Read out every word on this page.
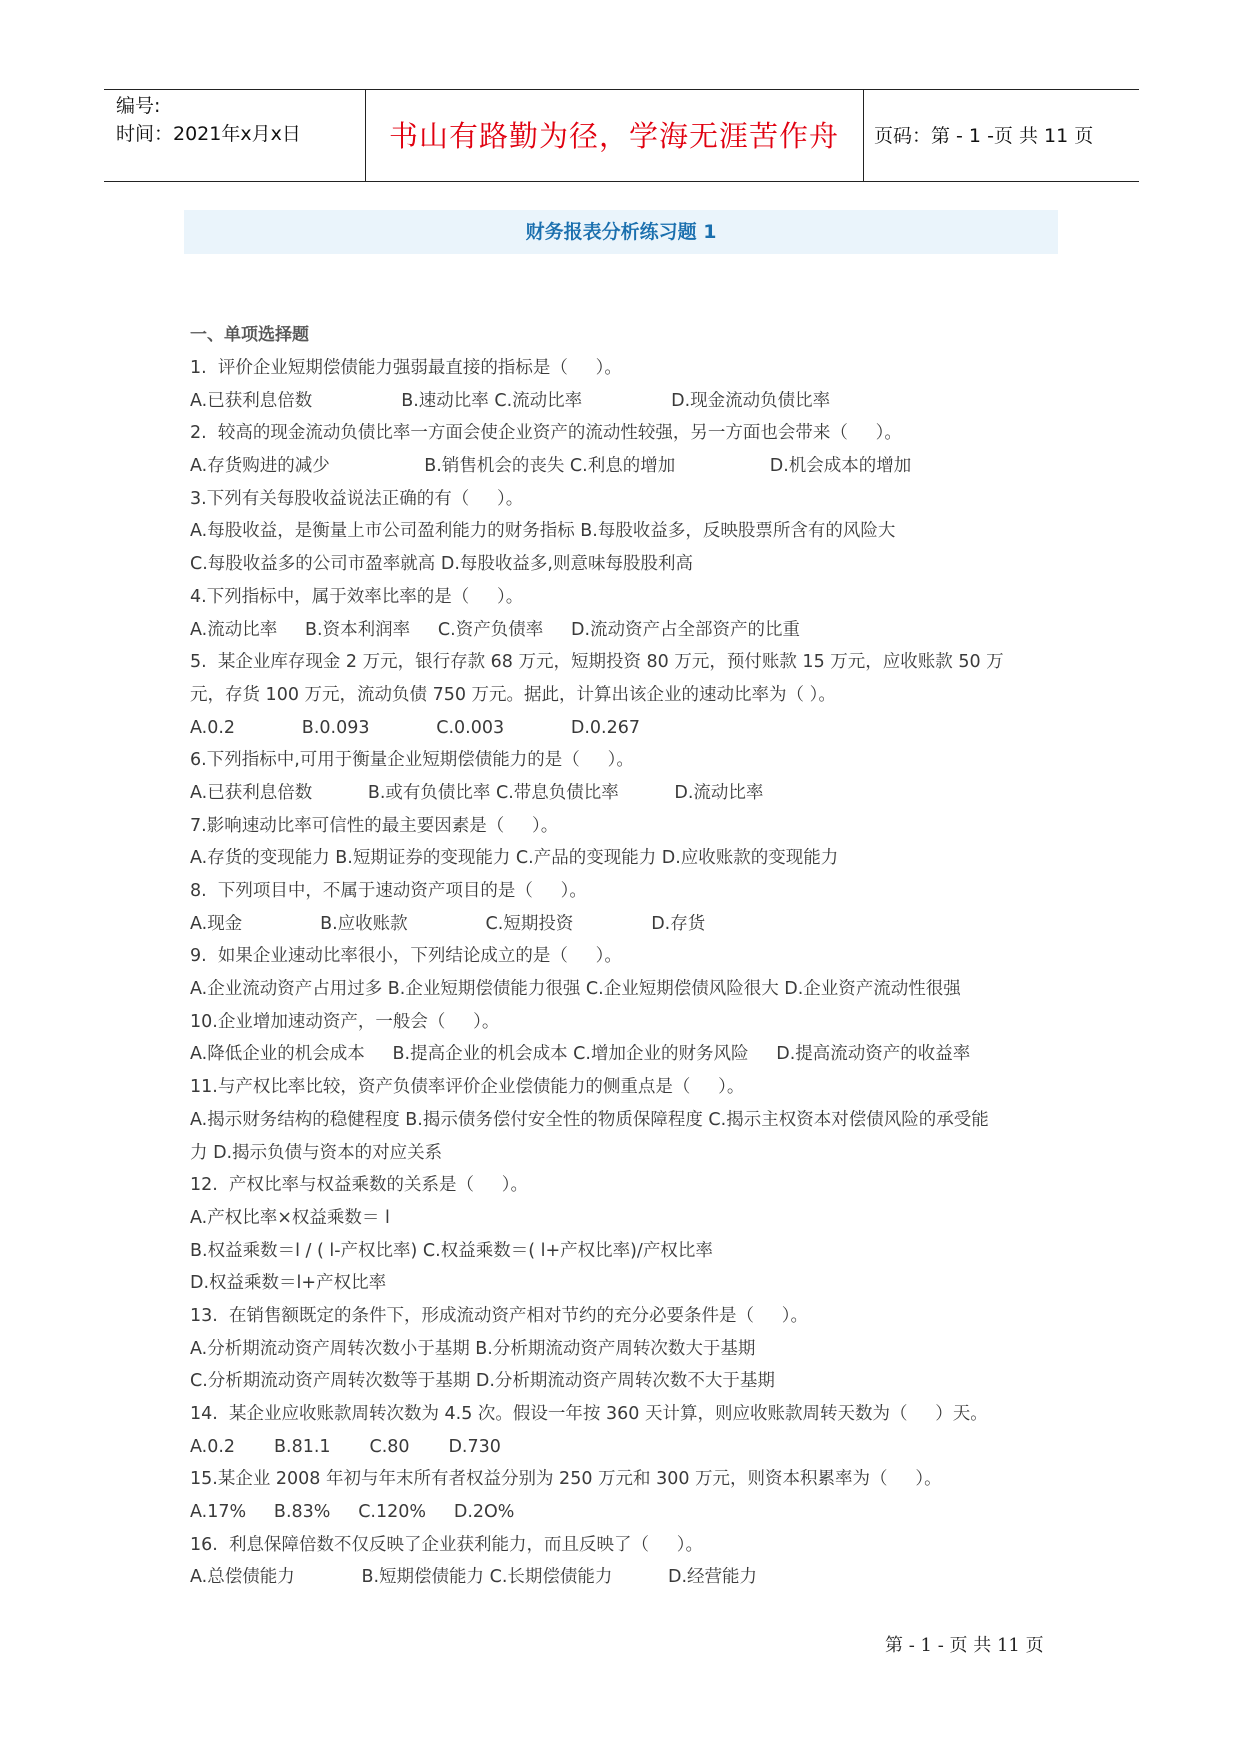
编号:
时间：2021年x月x日	书山有路勤为径，学海无涯苦作舟	页码：第 - 1 -页 共 11 页
财务报表分析练习题 1
一、单项选择题
1.  评价企业短期偿债能力强弱最直接的指标是（     ）。
A.已获利息倍数                B.速动比率 C.流动比率                D.现金流动负债比率
2.  较高的现金流动负债比率一方面会使企业资产的流动性较强，另一方面也会带来（     ）。
A.存货购进的减少                 B.销售机会的丧失 C.利息的增加                 D.机会成本的增加
3.下列有关每股收益说法正确的有（     ）。
A.每股收益，是衡量上市公司盈利能力的财务指标 B.每股收益多，反映股票所含有的风险大
C.每股收益多的公司市盈率就高 D.每股收益多,则意味每股股利高
4.下列指标中，属于效率比率的是（     ）。
A.流动比率     B.资本利润率     C.资产负债率     D.流动资产占全部资产的比重
5.  某企业库存现金 2 万元，银行存款 68 万元，短期投资 80 万元，预付账款 15 万元，应收账款 50 万
元，存货 100 万元，流动负债 750 万元。据此，计算出该企业的速动比率为（ ）。
A.0.2            B.0.093            C.0.003            D.0.267
6.下列指标中,可用于衡量企业短期偿债能力的是（     ）。
A.已获利息倍数          B.或有负债比率 C.带息负债比率          D.流动比率
7.影响速动比率可信性的最主要因素是（     ）。
A.存货的变现能力 B.短期证券的变现能力 C.产品的变现能力 D.应收账款的变现能力
8.  下列项目中，不属于速动资产项目的是（     ）。
A.现金              B.应收账款              C.短期投资              D.存货
9.  如果企业速动比率很小，下列结论成立的是（     ）。
A.企业流动资产占用过多 B.企业短期偿债能力很强 C.企业短期偿债风险很大 D.企业资产流动性很强
10.企业增加速动资产，一般会（     ）。
A.降低企业的机会成本     B.提高企业的机会成本 C.增加企业的财务风险     D.提高流动资产的收益率
11.与产权比率比较，资产负债率评价企业偿债能力的侧重点是（     ）。
A.揭示财务结构的稳健程度 B.揭示债务偿付安全性的物质保障程度 C.揭示主权资本对偿债风险的承受能
力 D.揭示负债与资本的对应关系
12.  产权比率与权益乘数的关系是（     ）。
A.产权比率×权益乘数＝ l
B.权益乘数＝l / ( l-产权比率) C.权益乘数＝( l+产权比率)/产权比率
D.权益乘数＝l+产权比率
13.  在销售额既定的条件下，形成流动资产相对节约的充分必要条件是（     ）。
A.分析期流动资产周转次数小于基期 B.分析期流动资产周转次数大于基期
C.分析期流动资产周转次数等于基期 D.分析期流动资产周转次数不大于基期
14.  某企业应收账款周转次数为 4.5 次。假设一年按 360 天计算，则应收账款周转天数为（     ）天。
A.0.2       B.81.1       C.80       D.730
15.某企业 2008 年初与年末所有者权益分别为 250 万元和 300 万元，则资本积累率为（     ）。
A.17%     B.83%     C.120%     D.2O%
16.  利息保障倍数不仅反映了企业获利能力，而且反映了（     ）。
A.总偿债能力            B.短期偿债能力 C.长期偿债能力          D.经营能力
第 - 1 - 页 共 11 页
